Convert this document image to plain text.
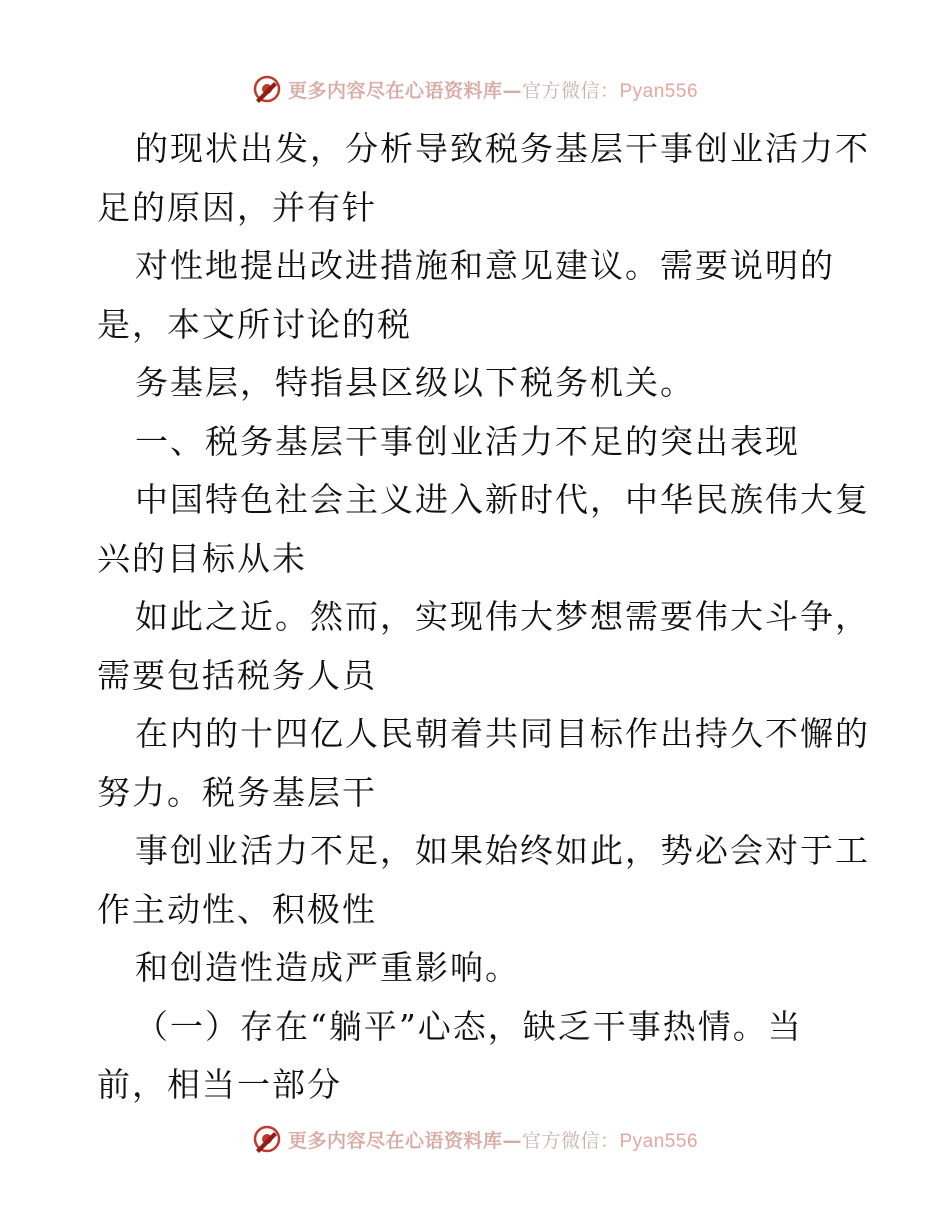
更多内容尽在心语资料库—官方微信：Pyan556
的现状出发，分析导致税务基层干事创业活力不
足的原因，并有针
对性地提出改进措施和意见建议。需要说明的
是，本文所讨论的税
务基层，特指县区级以下税务机关。
一、税务基层干事创业活力不足的突出表现
中国特色社会主义进入新时代，中华民族伟大复
兴的目标从未
如此之近。然而，实现伟大梦想需要伟大斗争，
需要包括税务人员
在内的十四亿人民朝着共同目标作出持久不懈的
努力。税务基层干
事创业活力不足，如果始终如此，势必会对于工
作主动性、积极性
和创造性造成严重影响。
（一）存在“躺平”心态，缺乏干事热情。当
前，相当一部分
更多内容尽在心语资料库—官方微信：Pyan556
